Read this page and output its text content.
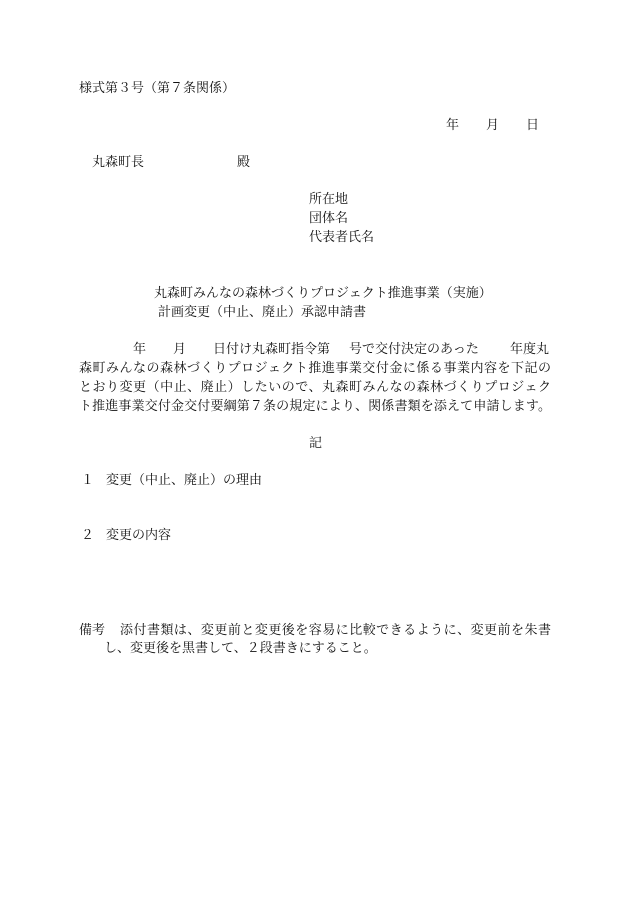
様式第３号（第７条関係）
年 月 日
丸森町長	殿
所在地
団体名
代表者氏名
丸森町みんなの森林づくりプロジェクト推進事業（実施）
計画変更（中止、廃止）承認申請書
年 月 日付け丸森町指令第 号で交付決定のあった 年度丸
森町みんなの森林づくりプロジェクト推進事業交付金に係る事業内容を下記の
とおり変更（中止、廃止）したいので、丸森町みんなの森林づくりプロジェク
ト推進事業交付金交付要綱第７条の規定により、関係書類を添えて申請します。
記
１ 変更（中止、廃止）の理由
２ 変更の内容
備考 添付書類は、変更前と変更後を容易に比較できるように、変更前を朱書
し、変更後を黒書して、２段書きにすること。
